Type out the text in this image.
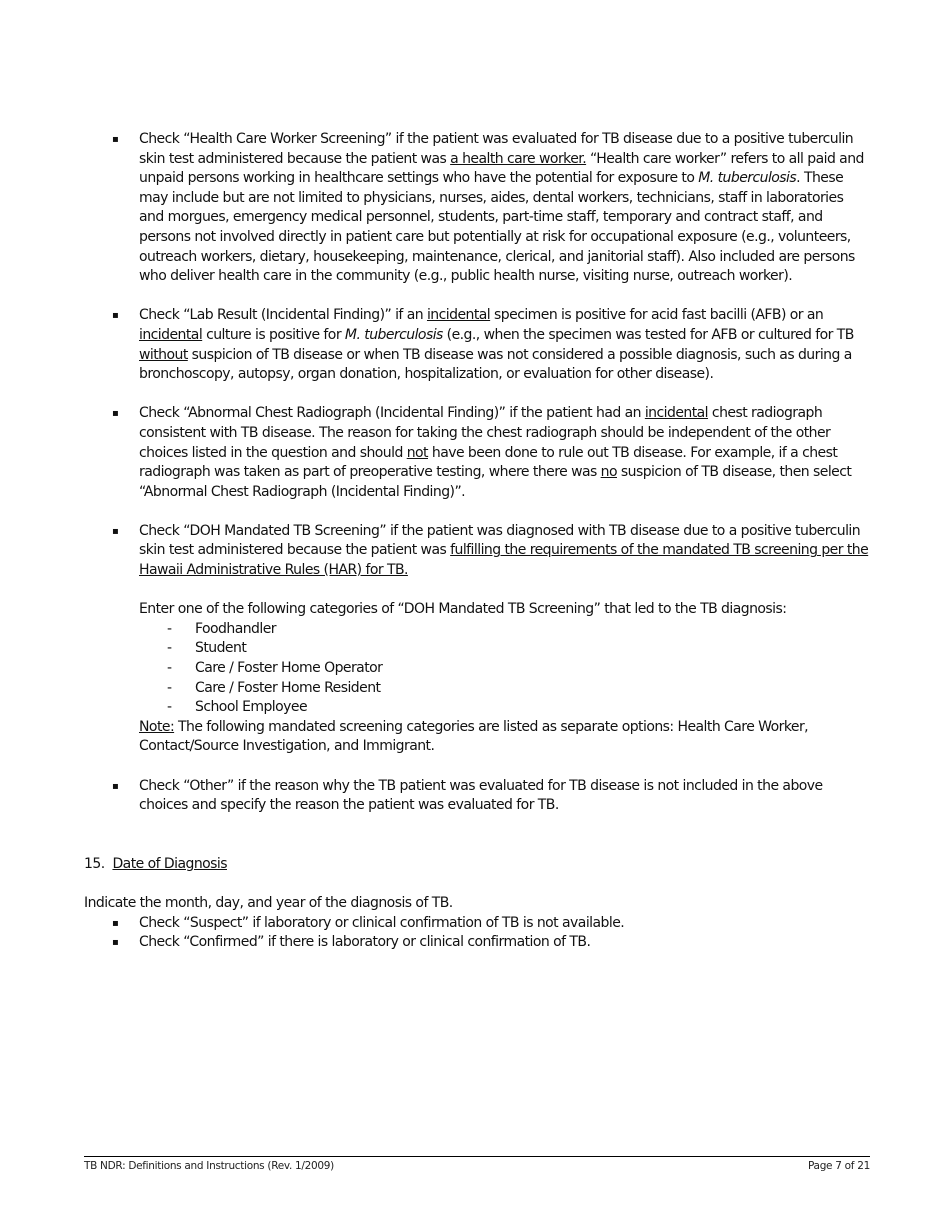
▪ Check “Health Care Worker Screening” if the patient was evaluated for TB disease due to a positive tuberculin skin test administered because the patient was a health care worker. “Health care worker” refers to all paid and unpaid persons working in healthcare settings who have the potential for exposure to M. tuberculosis. These may include but are not limited to physicians, nurses, aides, dental workers, technicians, staff in laboratories and morgues, emergency medical personnel, students, part-time staff, temporary and contract staff, and persons not involved directly in patient care but potentially at risk for occupational exposure (e.g., volunteers, outreach workers, dietary, housekeeping, maintenance, clerical, and janitorial staff). Also included are persons who deliver health care in the community (e.g., public health nurse, visiting nurse, outreach worker).
▪ Check “Lab Result (Incidental Finding)” if an incidental specimen is positive for acid fast bacilli (AFB) or an incidental culture is positive for M. tuberculosis (e.g., when the specimen was tested for AFB or cultured for TB without suspicion of TB disease or when TB disease was not considered a possible diagnosis, such as during a bronchoscopy, autopsy, organ donation, hospitalization, or evaluation for other disease).
▪ Check “Abnormal Chest Radiograph (Incidental Finding)” if the patient had an incidental chest radiograph consistent with TB disease. The reason for taking the chest radiograph should be independent of the other choices listed in the question and should not have been done to rule out TB disease. For example, if a chest radiograph was taken as part of preoperative testing, where there was no suspicion of TB disease, then select “Abnormal Chest Radiograph (Incidental Finding)”.
▪ Check “DOH Mandated TB Screening” if the patient was diagnosed with TB disease due to a positive tuberculin skin test administered because the patient was fulfilling the requirements of the mandated TB screening per the Hawaii Administrative Rules (HAR) for TB.
Enter one of the following categories of “DOH Mandated TB Screening” that led to the TB diagnosis:
- Foodhandler
- Student
- Care / Foster Home Operator
- Care / Foster Home Resident
- School Employee
Note: The following mandated screening categories are listed as separate options: Health Care Worker, Contact/Source Investigation, and Immigrant.
▪ Check “Other” if the reason why the TB patient was evaluated for TB disease is not included in the above choices and specify the reason the patient was evaluated for TB.
15. Date of Diagnosis
Indicate the month, day, and year of the diagnosis of TB.
▪ Check “Suspect” if laboratory or clinical confirmation of TB is not available.
▪ Check “Confirmed” if there is laboratory or clinical confirmation of TB.
TB NDR: Definitions and Instructions (Rev. 1/2009)	Page 7 of 21
